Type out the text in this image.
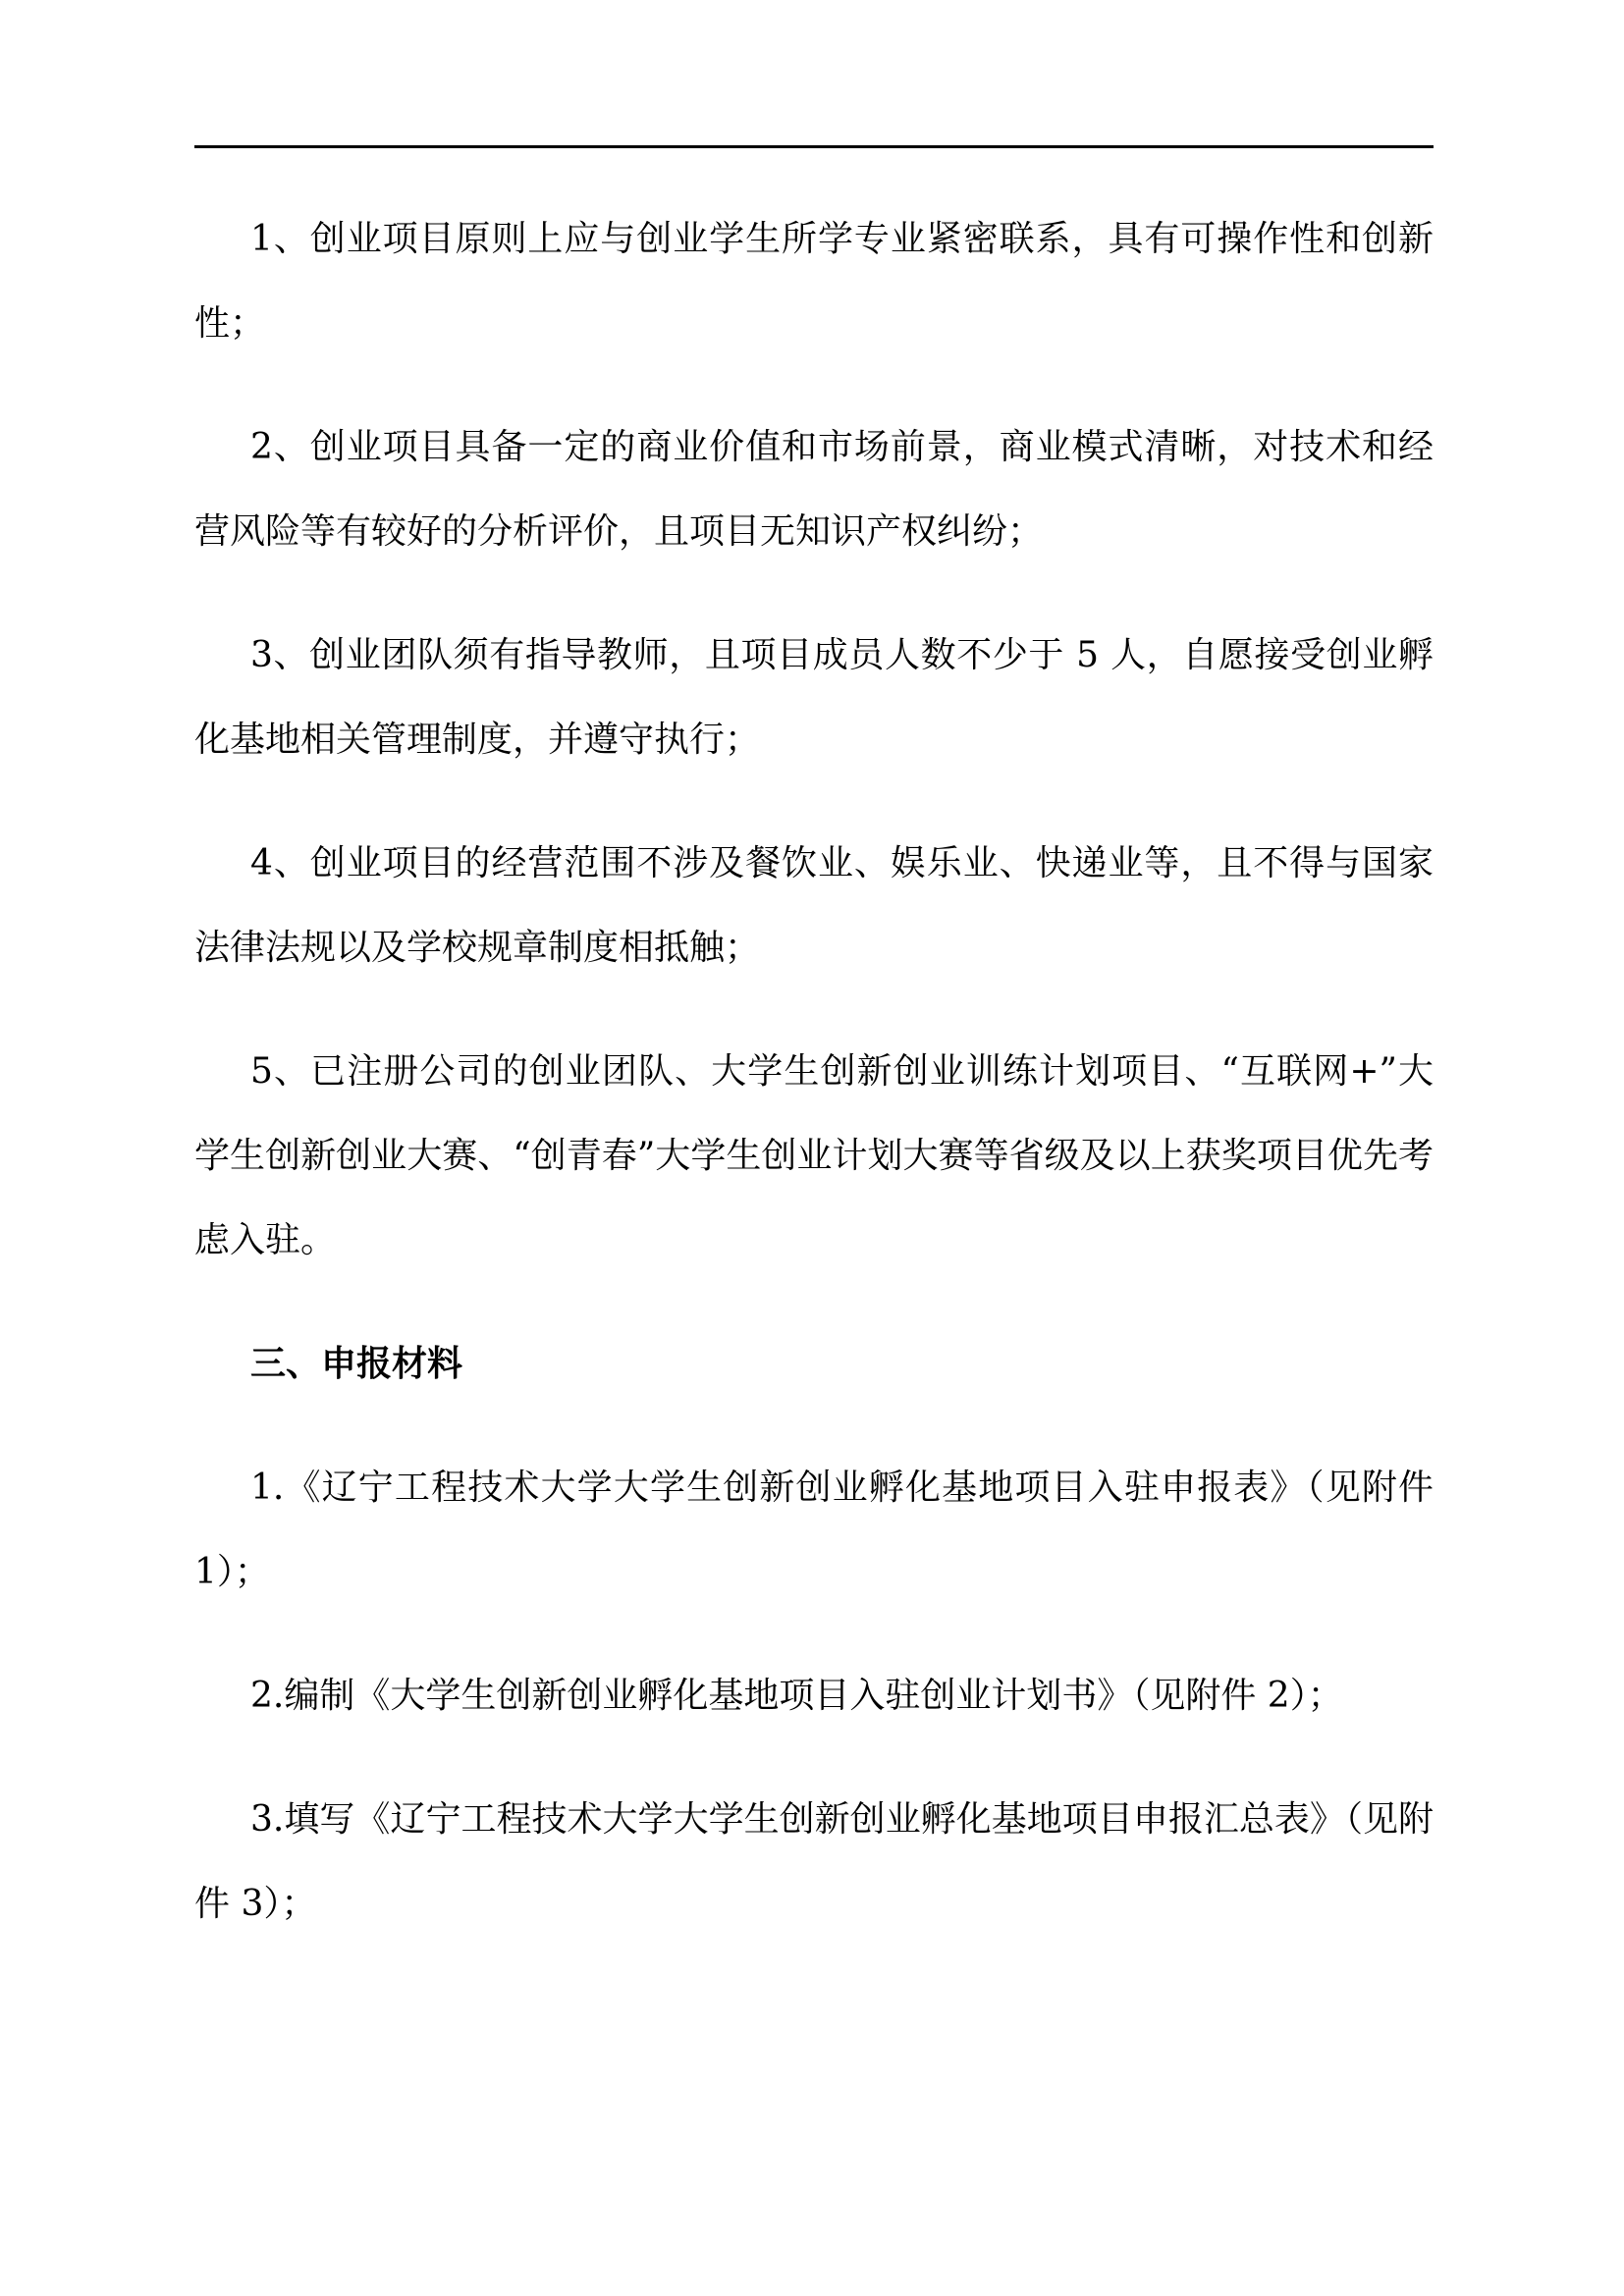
1、创业项目原则上应与创业学生所学专业紧密联系，具有可操作性和创新性；

2、创业项目具备一定的商业价值和市场前景，商业模式清晰，对技术和经营风险等有较好的分析评价，且项目无知识产权纠纷；

3、创业团队须有指导教师，且项目成员人数不少于 5 人，自愿接受创业孵化基地相关管理制度，并遵守执行；

4、创业项目的经营范围不涉及餐饮业、娱乐业、快递业等，且不得与国家法律法规以及学校规章制度相抵触；

5、已注册公司的创业团队、大学生创新创业训练计划项目、“互联网+”大学生创新创业大赛、“创青春”大学生创业计划大赛等省级及以上获奖项目优先考虑入驻。

三、申报材料

1.《辽宁工程技术大学大学生创新创业孵化基地项目入驻申报表》（见附件 1）；

2.编制《大学生创新创业孵化基地项目入驻创业计划书》（见附件 2）；

3.填写《辽宁工程技术大学大学生创新创业孵化基地项目申报汇总表》（见附件 3）；
